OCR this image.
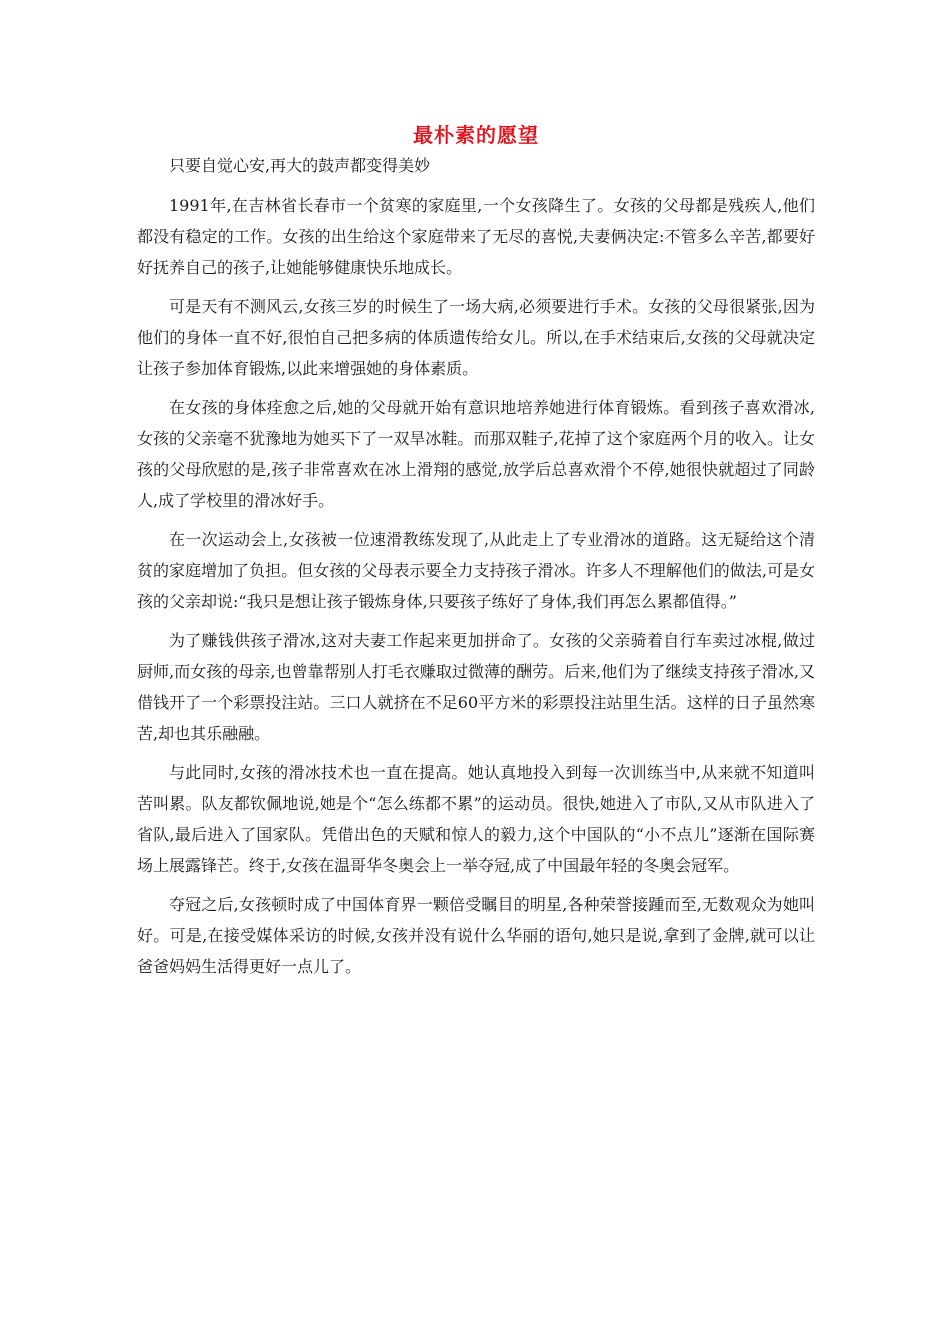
最朴素的愿望

只要自觉心安,再大的鼓声都变得美妙

1991年,在吉林省长春市一个贫寒的家庭里,一个女孩降生了。女孩的父母都是残疾人,他们都没有稳定的工作。女孩的出生给这个家庭带来了无尽的喜悦,夫妻俩决定:不管多么辛苦,都要好好抚养自己的孩子,让她能够健康快乐地成长。

可是天有不测风云,女孩三岁的时候生了一场大病,必须要进行手术。女孩的父母很紧张,因为他们的身体一直不好,很怕自己把多病的体质遗传给女儿。所以,在手术结束后,女孩的父母就决定让孩子参加体育锻炼,以此来增强她的身体素质。

在女孩的身体痊愈之后,她的父母就开始有意识地培养她进行体育锻炼。看到孩子喜欢滑冰,女孩的父亲毫不犹豫地为她买下了一双旱冰鞋。而那双鞋子,花掉了这个家庭两个月的收入。让女孩的父母欣慰的是,孩子非常喜欢在冰上滑翔的感觉,放学后总喜欢滑个不停,她很快就超过了同龄人,成了学校里的滑冰好手。

在一次运动会上,女孩被一位速滑教练发现了,从此走上了专业滑冰的道路。这无疑给这个清贫的家庭增加了负担。但女孩的父母表示要全力支持孩子滑冰。许多人不理解他们的做法,可是女孩的父亲却说:“我只是想让孩子锻炼身体,只要孩子练好了身体,我们再怎么累都值得。”

为了赚钱供孩子滑冰,这对夫妻工作起来更加拼命了。女孩的父亲骑着自行车卖过冰棍,做过厨师,而女孩的母亲,也曾靠帮别人打毛衣赚取过微薄的酬劳。后来,他们为了继续支持孩子滑冰,又借钱开了一个彩票投注站。三口人就挤在不足60平方米的彩票投注站里生活。这样的日子虽然寒苦,却也其乐融融。

与此同时,女孩的滑冰技术也一直在提高。她认真地投入到每一次训练当中,从来就不知道叫苦叫累。队友都钦佩地说,她是个“怎么练都不累”的运动员。很快,她进入了市队,又从市队进入了省队,最后进入了国家队。凭借出色的天赋和惊人的毅力,这个中国队的“小不点儿”逐渐在国际赛场上展露锋芒。终于,女孩在温哥华冬奥会上一举夺冠,成了中国最年轻的冬奥会冠军。

夺冠之后,女孩顿时成了中国体育界一颗倍受瞩目的明星,各种荣誉接踵而至,无数观众为她叫好。可是,在接受媒体采访的时候,女孩并没有说什么华丽的语句,她只是说,拿到了金牌,就可以让爸爸妈妈生活得更好一点儿了。
